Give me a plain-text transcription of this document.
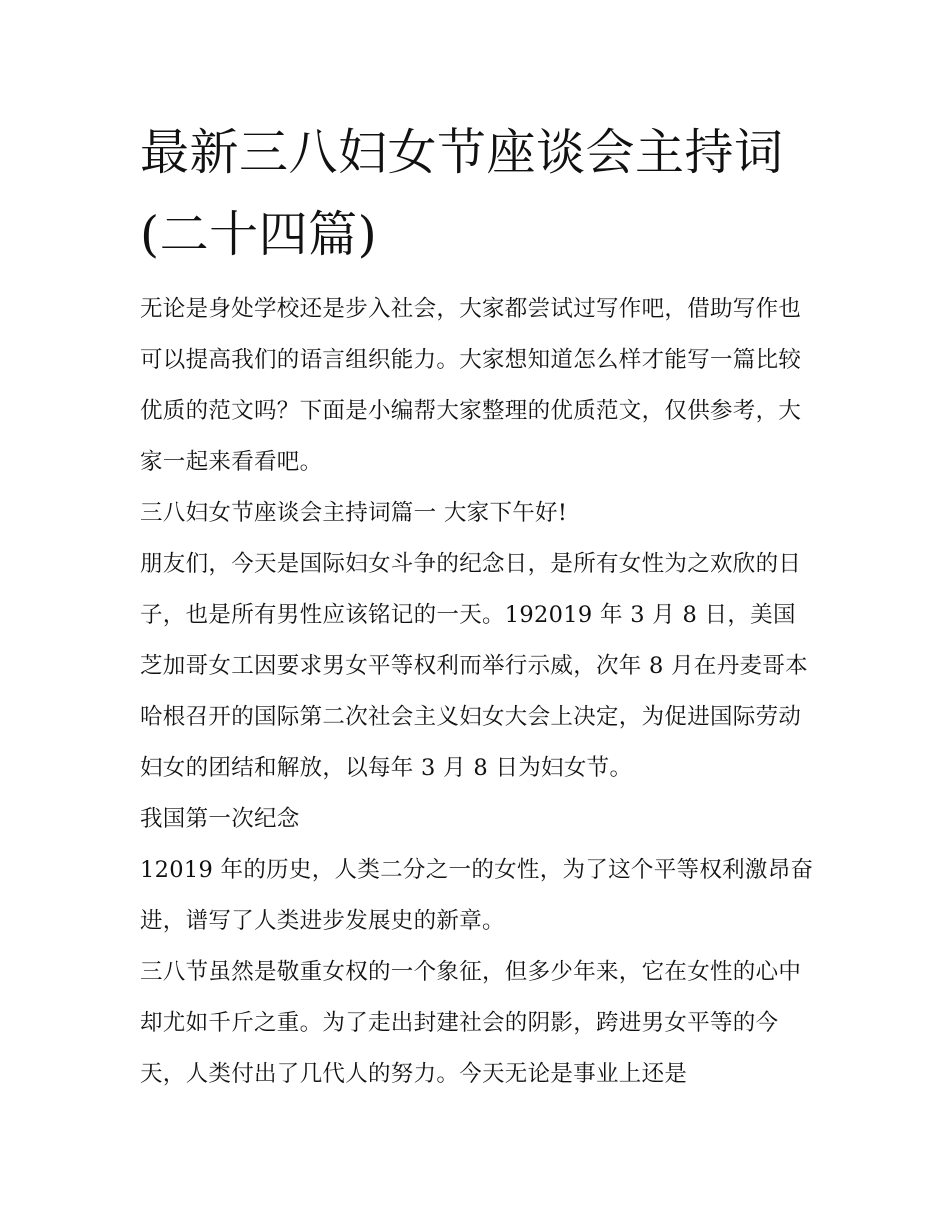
最新三八妇女节座谈会主持词
(二十四篇)

无论是身处学校还是步入社会，大家都尝试过写作吧，借助写作也可以提高我们的语言组织能力。大家想知道怎么样才能写一篇比较优质的范文吗？下面是小编帮大家整理的优质范文，仅供参考，大家一起来看看吧。

三八妇女节座谈会主持词篇一 大家下午好!

朋友们，今天是国际妇女斗争的纪念日，是所有女性为之欢欣的日子，也是所有男性应该铭记的一天。192019 年 3 月 8 日，美国芝加哥女工因要求男女平等权利而举行示威，次年 8 月在丹麦哥本哈根召开的国际第二次社会主义妇女大会上决定，为促进国际劳动妇女的团结和解放，以每年 3 月 8 日为妇女节。

我国第一次纪念

12019 年的历史，人类二分之一的女性，为了这个平等权利激昂奋进，谱写了人类进步发展史的新章。

三八节虽然是敬重女权的一个象征，但多少年来，它在女性的心中却尤如千斤之重。为了走出封建社会的阴影，跨进男女平等的今天，人类付出了几代人的努力。今天无论是事业上还是
